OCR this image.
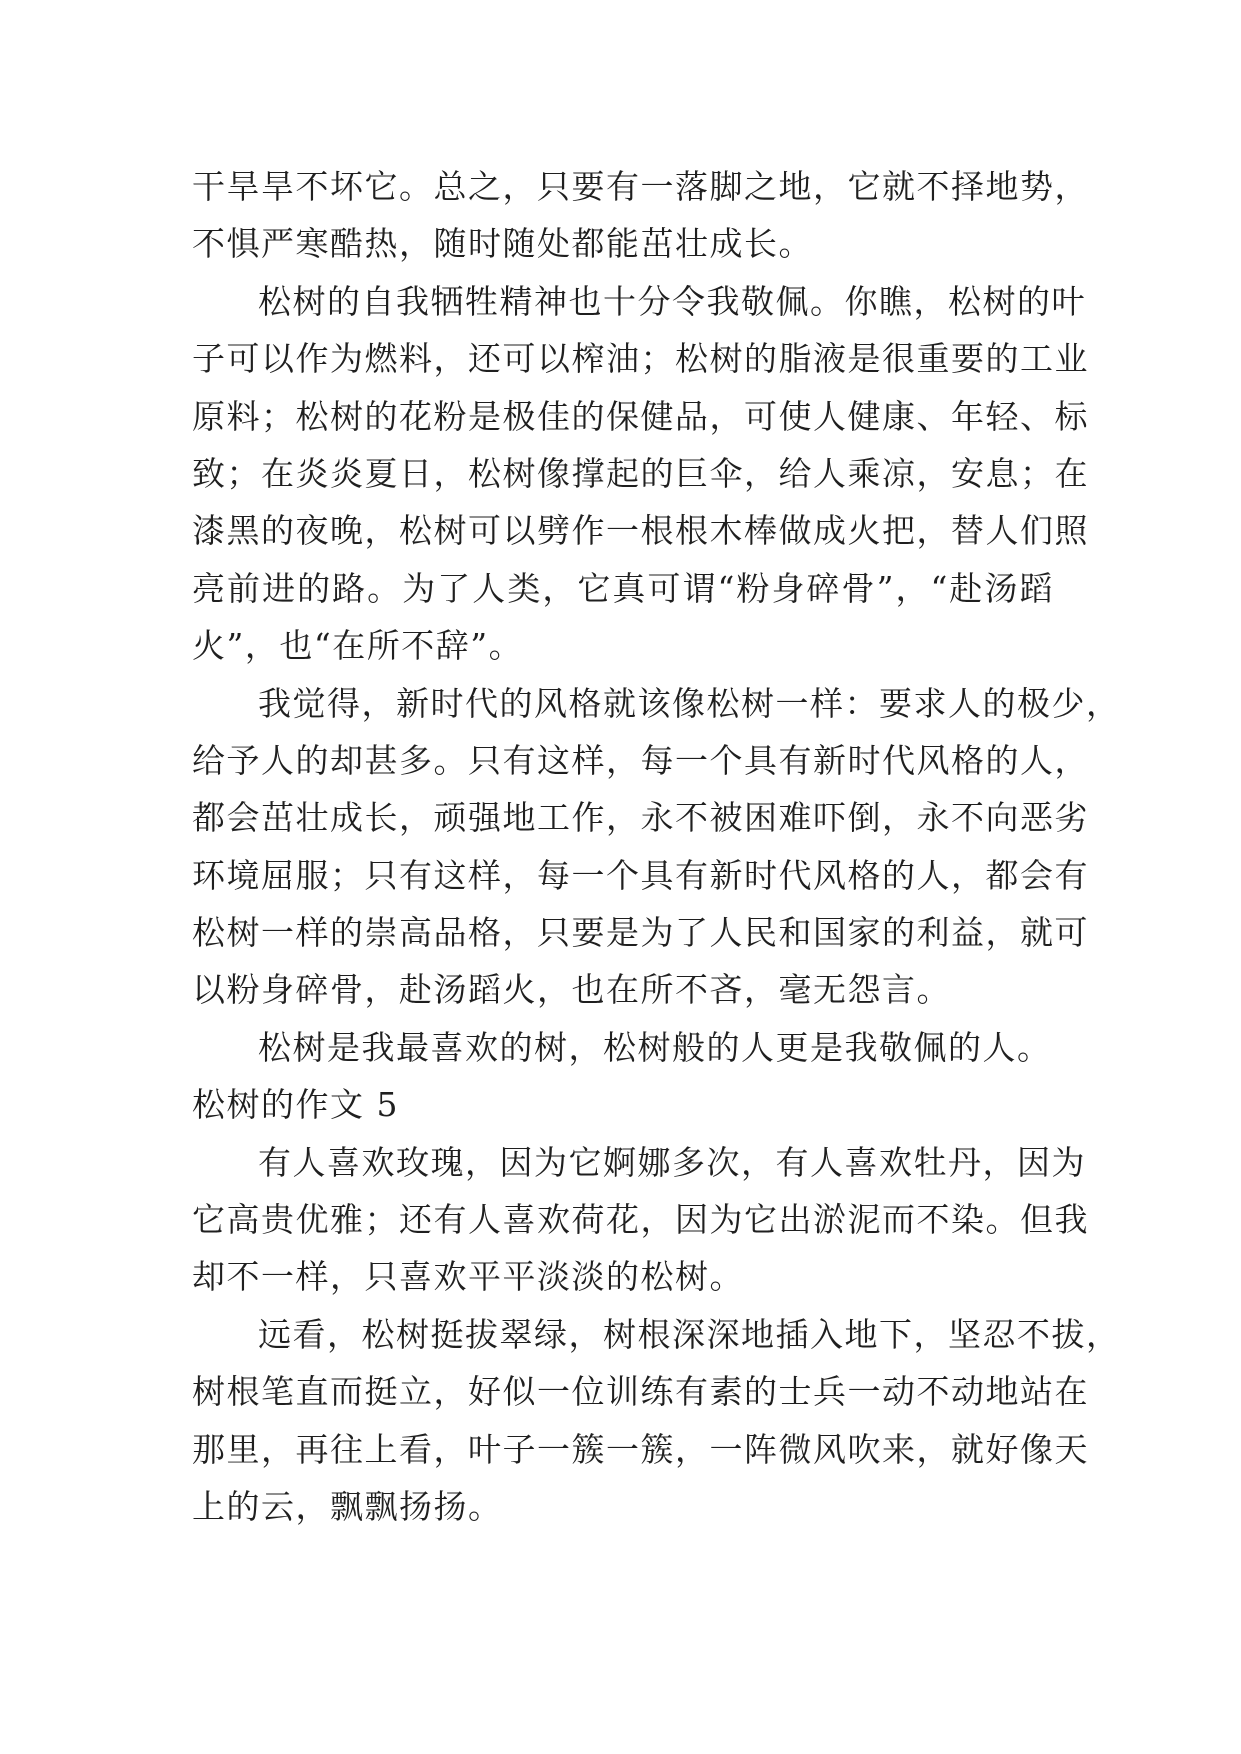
干旱旱不坏它。总之，只要有一落脚之地，它就不择地势，
不惧严寒酷热，随时随处都能茁壮成长。
松树的自我牺牲精神也十分令我敬佩。你瞧，松树的叶
子可以作为燃料，还可以榨油；松树的脂液是很重要的工业
原料；松树的花粉是极佳的保健品，可使人健康、年轻、标
致；在炎炎夏日，松树像撑起的巨伞，给人乘凉，安息；在
漆黑的夜晚，松树可以劈作一根根木棒做成火把，替人们照
亮前进的路。为了人类，它真可谓“粉身碎骨”，“赴汤蹈
火”，也“在所不辞”。
我觉得，新时代的风格就该像松树一样：要求人的极少，
给予人的却甚多。只有这样，每一个具有新时代风格的人，
都会茁壮成长，顽强地工作，永不被困难吓倒，永不向恶劣
环境屈服；只有这样，每一个具有新时代风格的人，都会有
松树一样的崇高品格，只要是为了人民和国家的利益，就可
以粉身碎骨，赴汤蹈火，也在所不吝，毫无怨言。
松树是我最喜欢的树，松树般的人更是我敬佩的人。
松树的作文 5
有人喜欢玫瑰，因为它婀娜多次，有人喜欢牡丹，因为
它高贵优雅；还有人喜欢荷花，因为它出淤泥而不染。但我
却不一样，只喜欢平平淡淡的松树。
远看，松树挺拔翠绿，树根深深地插入地下，坚忍不拔，
树根笔直而挺立，好似一位训练有素的士兵一动不动地站在
那里，再往上看，叶子一簇一簇，一阵微风吹来，就好像天
上的云，飘飘扬扬。
